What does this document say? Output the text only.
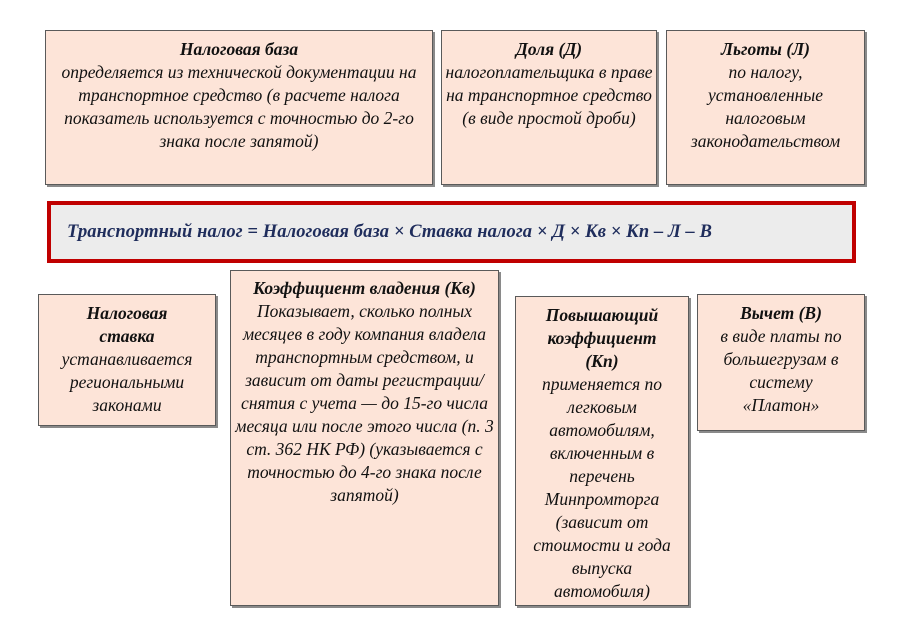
Налоговая база
определяется из технической документации на транспортное средство (в расчете налога показатель используется с точностью до 2-го знака после запятой)
Доля (Д)
налогоплательщика в праве на транспортное средство (в виде простой дроби)
Льготы (Л)
по налогу, установленные налоговым законодательством
Транспортный налог = Налоговая база × Ставка налога × Д × Кв × Кп – Л – В
Налоговая ставка
устанавливается региональными законами
Коэффициент владения (Кв)
Показывает, сколько полных месяцев в году компания владела транспортным средством, и зависит от даты регистрации/снятия с учета — до 15-го числа месяца или после этого числа (п. 3 ст. 362 НК РФ) (указывается с точностью до 4-го знака после запятой)
Повышающий коэффициент (Кп)
применяется по легковым автомобилям, включенным в перечень Минпромторга (зависит от стоимости и года выпуска автомобиля)
Вычет (В)
в виде платы по большегрузам в систему «Платон»
